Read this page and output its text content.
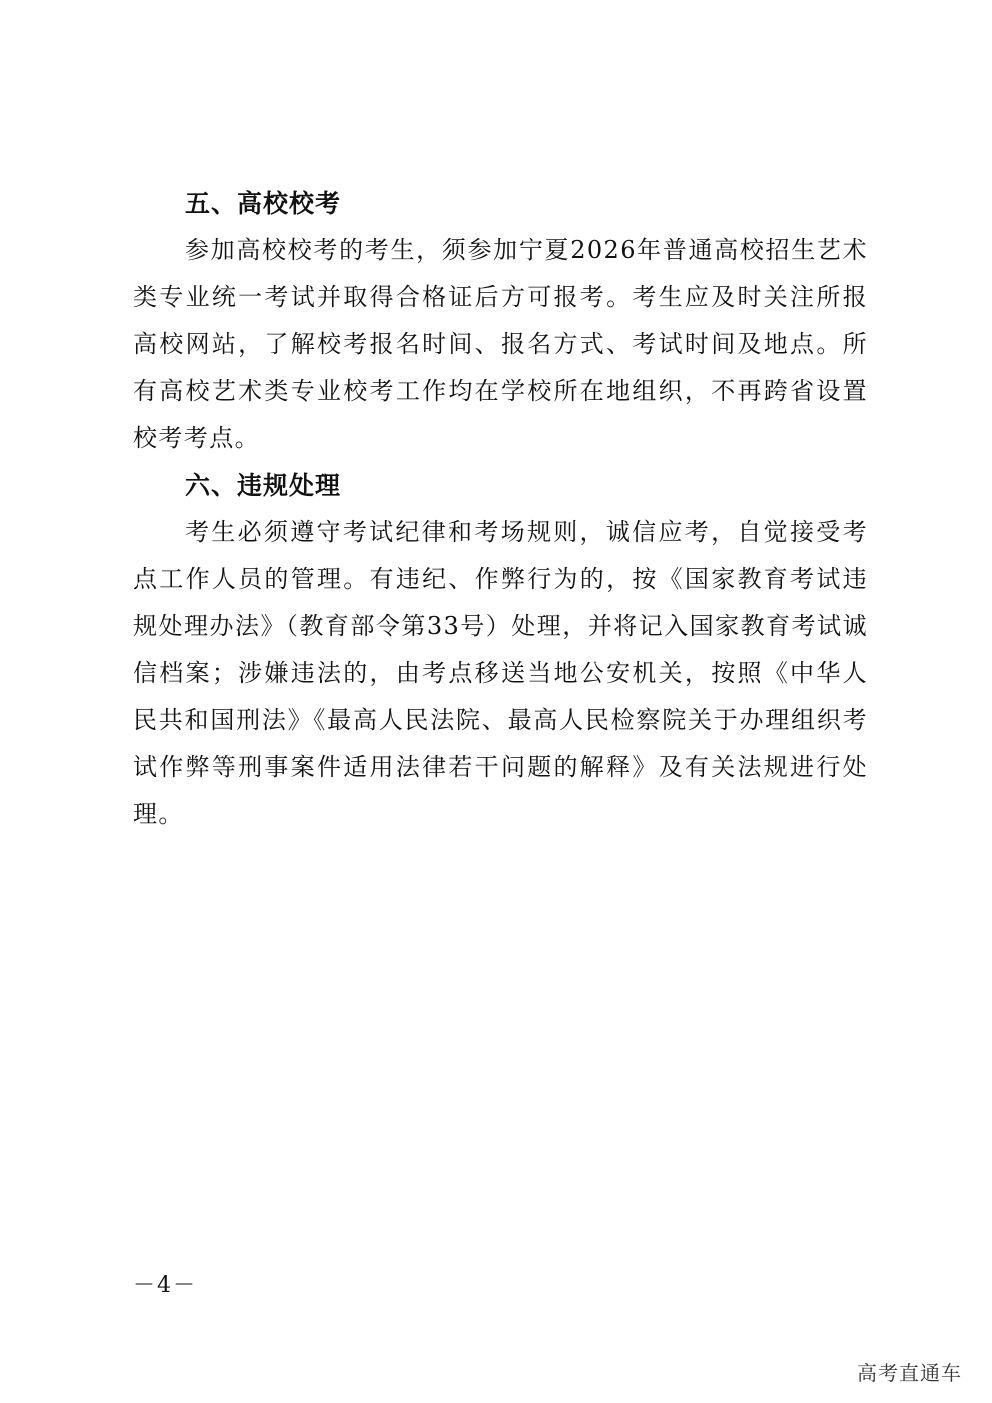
五、高校校考

参加高校校考的考生，须参加宁夏2026年普通高校招生艺术类专业统一考试并取得合格证后方可报考。考生应及时关注所报高校网站，了解校考报名时间、报名方式、考试时间及地点。所有高校艺术类专业校考工作均在学校所在地组织，不再跨省设置校考考点。

六、违规处理

考生必须遵守考试纪律和考场规则，诚信应考，自觉接受考点工作人员的管理。有违纪、作弊行为的，按《国家教育考试违规处理办法》（教育部令第33号）处理，并将记入国家教育考试诚信档案；涉嫌违法的，由考点移送当地公安机关，按照《中华人民共和国刑法》《最高人民法院、最高人民检察院关于办理组织考试作弊等刑事案件适用法律若干问题的解释》及有关法规进行处理。

－4－
高考直通车
